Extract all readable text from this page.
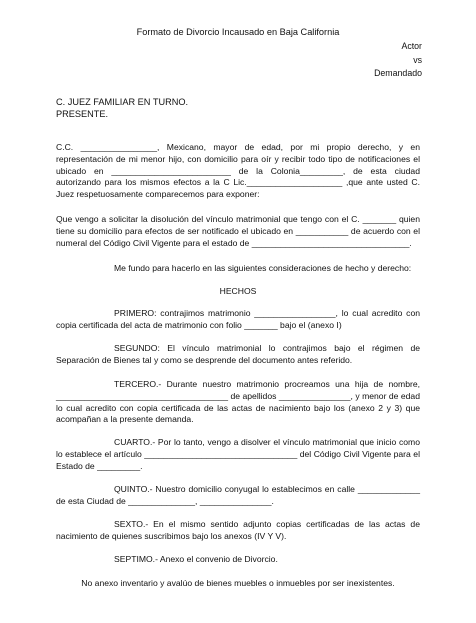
Formato de Divorcio Incausado en Baja California
Actor
vs
Demandado
C. JUEZ FAMILIAR EN TURNO.
PRESENTE.
C.C. ________________, Mexicano, mayor de edad, por mi propio derecho, y en representación de mi menor hijo, con domicilio para oír y recibir todo tipo de notificaciones el ubicado en _________________________ de la Colonia_________, de esta ciudad autorizando para los mismos efectos a la C Lic.____________________ ,que ante usted C. Juez respetuosamente comparecemos para exponer:
Que vengo a solicitar la disolución del vínculo matrimonial que tengo con el C. _______ quien tiene su domicilio para efectos de ser notificado el ubicado en ___________ de acuerdo con el numeral del Código Civil Vigente para el estado de _________________________________.
Me fundo para hacerlo en las siguientes consideraciones de hecho y derecho:
HECHOS
PRIMERO: contrajimos matrimonio _________________, lo cual acredito con copia certificada del acta de matrimonio con folio _______ bajo el (anexo I)
SEGUNDO: El vínculo matrimonial lo contrajimos bajo el régimen de Separación de Bienes tal y como se desprende del documento antes referido.
TERCERO.- Durante nuestro matrimonio procreamos una hija de nombre, ____________________________________ de apellidos _______________, y menor de edad lo cual acredito con copia certificada de las actas de nacimiento bajo los (anexo 2 y 3) que acompañan a la presente demanda.
CUARTO.- Por lo tanto, vengo a disolver el vínculo matrimonial que inicio como lo establece el artículo ________________________________ del Código Civil Vigente para el Estado de _________.
QUINTO.- Nuestro domicilio conyugal lo establecimos en calle _____________ de esta Ciudad de ______________, _______________.
SEXTO.- En el mismo sentido adjunto copias certificadas de las actas de nacimiento de quienes suscribimos bajo los anexos (IV Y V).
SEPTIMO.- Anexo el convenio de Divorcio.
No anexo inventario y avalúo de bienes muebles o inmuebles por ser inexistentes.
